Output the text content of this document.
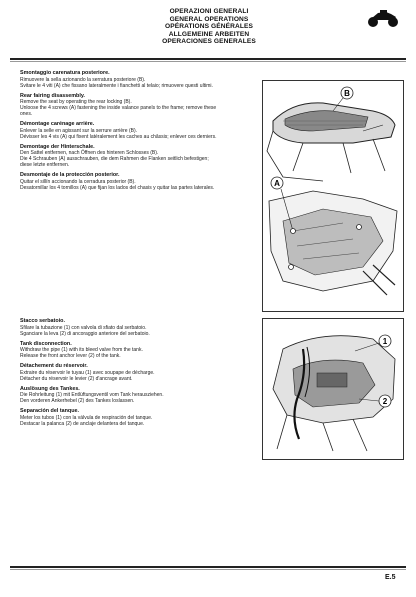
OPERAZIONI GENERALI
GENERAL OPERATIONS
OPÉRATIONS GÉNÉRALES
ALLGEMEINE ARBEITEN
OPERACIONES GENERALES
Smontaggio carenatura posteriore.
Rimuovere la sella azionando la serratura posteriore (B).
Svitare le 4 viti (A) che fissano lateralmente i fianchetti al telaio; rimuovere questi ultimi.
Rear fairing disassembly.
Remove the seat by operating the rear locking (B).
Unloose the 4 screws (A) fastening the inside valance panels to the frame; remove these
ones.
Démontage carénage arrière.
Enlever la selle en agissant sur la serrure arrière (B).
Dévisser les 4 vis (A) qui fixent latéralement les caches au châssis; enlever ces derniers.
Demontage der Hinterschale.
Den Sattel entfernen, nach Öffnen des hinteren Schlosses (B).
Die 4 Schrauben (A) ausschrauben, die dem Rahmen die Flanken seitlich befestigen;
diese letzte entfernen.
Desmontaje de la protección posterior.
Quitar el sillín accionando la cerradura posterior (B).
Desatornillar los 4 tornillos (A) que fijan los lados del chasis y quitar las partes laterales.
B
A
Stacco serbatoio.
Sfilare la tubazione (1) con valvola di sfiato dal serbatoio.
Sganciare la leva (2) di ancoraggio anteriore del serbatoio.
Tank disconnection.
Withdraw the pipe (1) with its bleed valve from the tank.
Release the front anchor lever (2) of the tank.
Détachement du réservoir.
Extraire du réservoir le tuyau (1) avec soupape de décharge.
Détacher du réservoir le levier (2) d'ancrage avant.
Auslösung des Tankes.
Die Rohrleitung (1) mit Entlüftungsventil vom Tank herausziehen.
Den vorderen Ankerhebel (2) des Tankes loslassen.
Separación del tanque.
Meter los tubos (1) con la válvula de respiración del tanque.
Destacar la palanca (2) de anclaje delantera del tanque.
1
2
E.5
